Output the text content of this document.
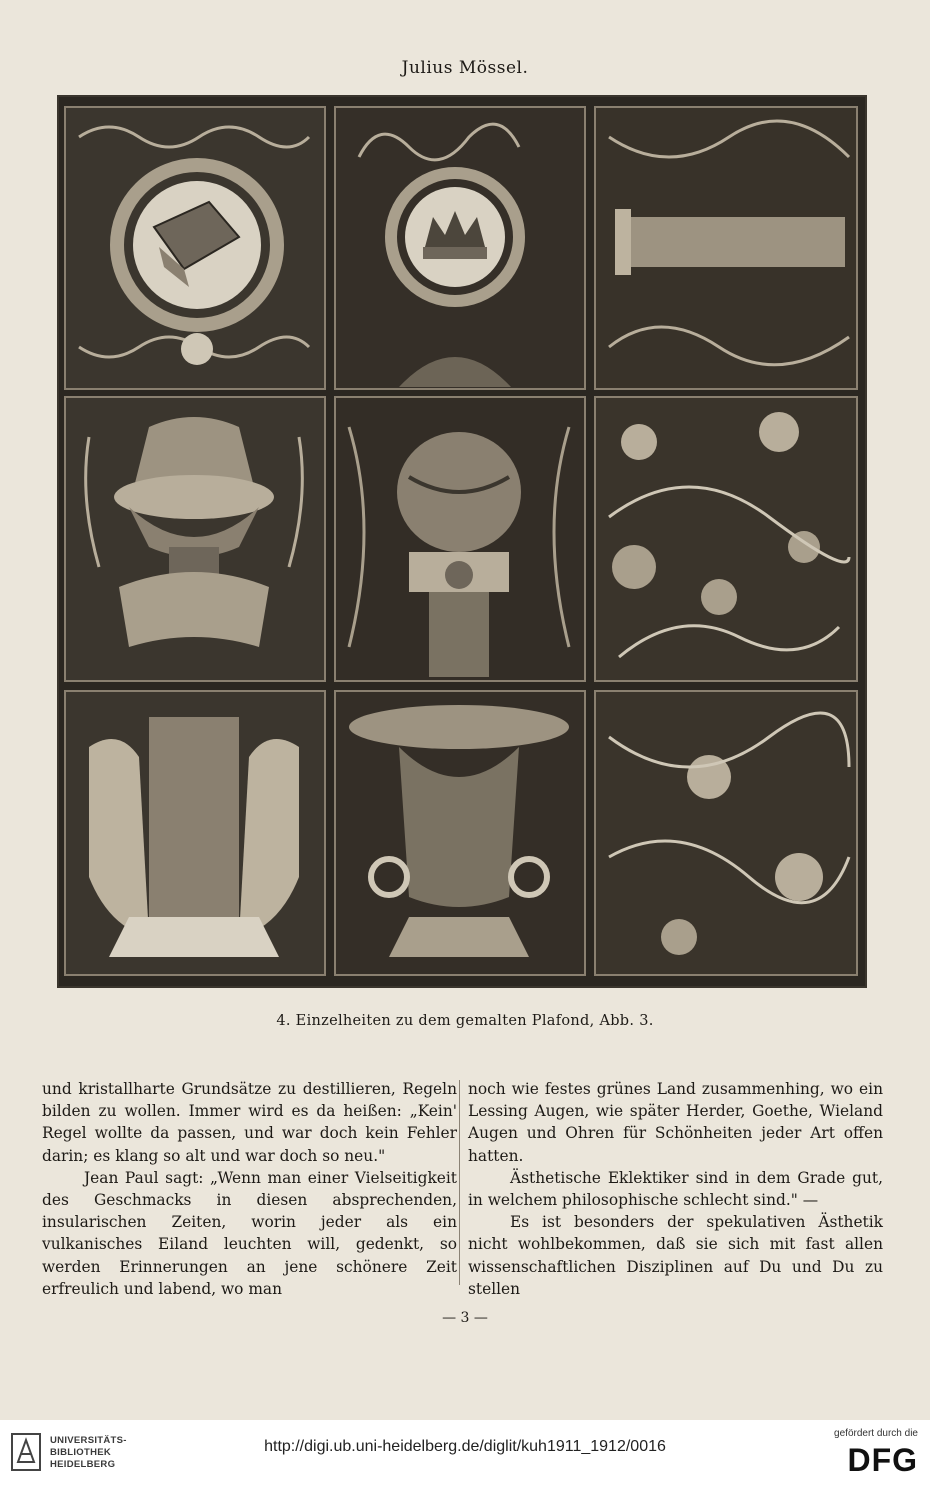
Julius Mössel.
4. Einzelheiten zu dem gemalten Plafond, Abb. 3.

und kristallharte Grundsätze zu destillieren, Regeln bilden zu wollen. Immer wird es da heißen: „Kein' Regel wollte da passen, und war doch kein Fehler darin; es klang so alt und war doch so neu."

Jean Paul sagt: „Wenn man einer Vielseitigkeit des Geschmacks in diesen absprechenden, insularischen Zeiten, worin jeder als ein vulkanisches Eiland leuchten will, gedenkt, so werden Erinnerungen an jene schönere Zeit erfreulich und labend, wo man

noch wie festes grünes Land zusammenhing, wo ein Lessing Augen, wie später Herder, Goethe, Wieland Augen und Ohren für Schönheiten jeder Art offen hatten.

Ästhetische Eklektiker sind in dem Grade gut, in welchem philosophische schlecht sind." —

Es ist besonders der spekulativen Ästhetik nicht wohlbekommen, daß sie sich mit fast allen wissenschaftlichen Disziplinen auf Du und Du zu stellen

— 3 —
UNIVERSITÄTS-
BIBLIOTHEK
HEIDELBERG
http://digi.ub.uni-heidelberg.de/diglit/kuh1911_1912/0016
gefördert durch die
DFG
